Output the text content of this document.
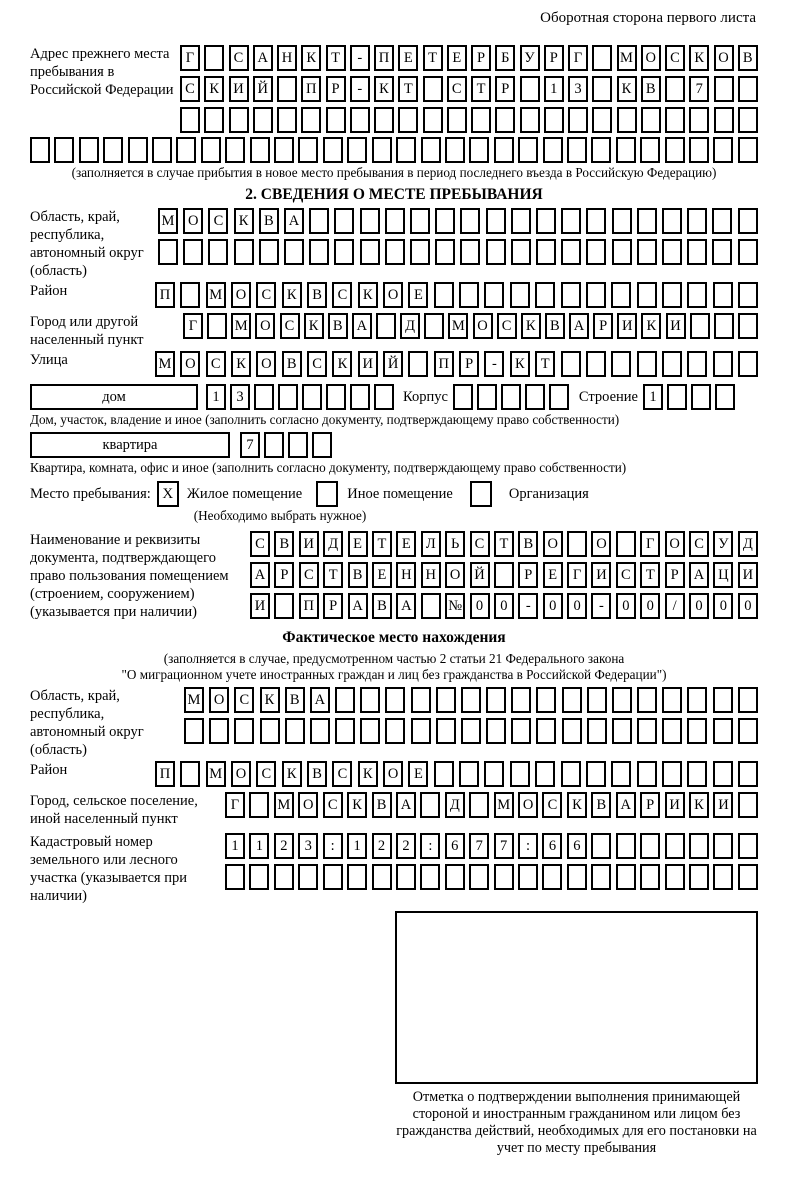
Оборотная сторона первого листа
Адрес прежнего места пребывания в Российской Федерации
Г	С А Н К	Т	-	П	Е	Т	Е	Р	Б	У	Р	Г	М О С	К О В
С	К И Й	П	Р	-	К	Т	С	Т	Р	1	3	К	В	7
(заполняется в случае прибытия в новое место пребывания в период последнего въезда в Российскую Федерацию)
2. СВЕДЕНИЯ О МЕСТЕ ПРЕБЫВАНИЯ
Область, край, республика, автономный округ (область)
М О	С	К	В	А
Район	П	М О	С	К	В	С	К	О	Е
Город или другой населенный пункт
Г	М О С К В А	Д	М О С К В А	Р	И К И
Улица	М О	С	К	О	В	С	К	И	Й	П	Р	-	К	Т
дом	1	3	Корпус	Строение 1
Дом, участок, владение и иное (заполнить согласно документу, подтверждающему право собственности)
квартира	7
Квартира, комната, офис и иное (заполнить согласно документу, подтверждающему право собственности)
Место пребывания: X Жилое помещение	Иное помещение	Организация
(Необходимо выбрать нужное)
Наименование и реквизиты документа, подтверждающего право пользования помещением (строением, сооружением) (указывается при наличии)
С	В И Д	Е	Т	Е	Л	Ь	С	Т	В О	О	Г	О С У Д
А	Р	С	Т	В	Е	Н Н О Й	Р	Е	Г	И С	Т	Р	А Ц И
И	П	Р	А В А	№ 0	0	-	0	0	-	0	0	/	0	0	0
Фактическое место нахождения
(заполняется в случае, предусмотренном частью 2 статьи 21 Федерального закона
"О миграционном учете иностранных граждан и лиц без гражданства в Российской Федерации")
Область, край, республика, автономный округ (область)
М О	С	К	В	А
Район	П	М О	С	К	В	С	К	О	Е
Город, сельское поселение, иной населенный пункт
Г	М О С	К	В А	Д	М О С	К	В А	Р	И К И
Кадастровый номер земельного или лесного участка (указывается при наличии)
1	1	2	3	:	1	2	2	:	6	7	7	:	6	6
Отметка о подтверждении выполнения принимающей стороной и иностранным гражданином или лицом без гражданства действий, необходимых для его постановки на учет по месту пребывания
